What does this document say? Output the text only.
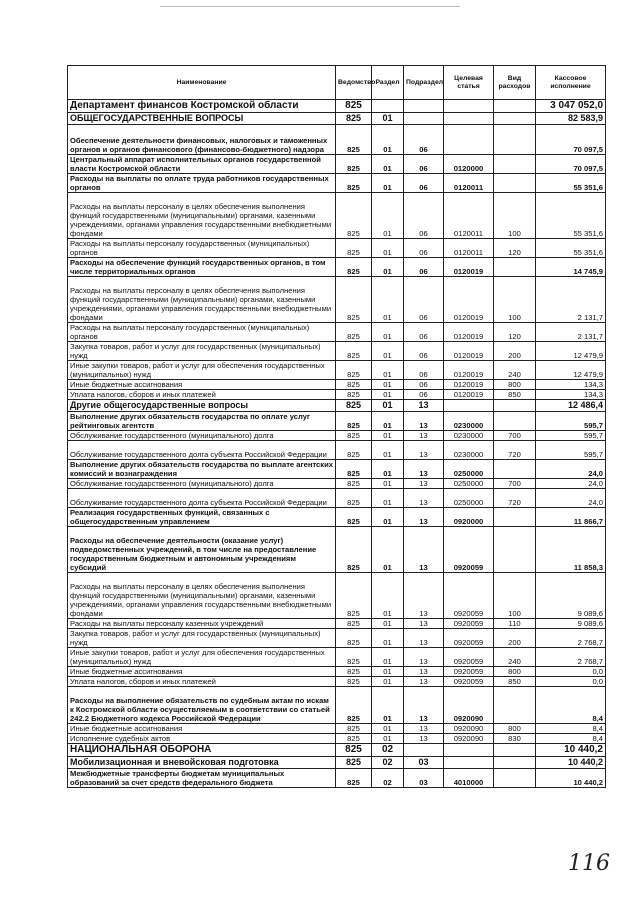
Наименование	Ведомство	Раздел	Подраздел	Целевая статья	Вид расходов	Кассовое исполнение
Департамент финансов Костромской области	825					3 047 052,0
ОБЩЕГОСУДАРСТВЕННЫЕ ВОПРОСЫ	825	01				82 583,9
Обеспечение деятельности финансовых, налоговых и таможенных органов и органов финансового (финансово-бюджетного) надзора	825	01	06			70 097,5
Центральный аппарат исполнительных органов государственной власти Костромской области	825	01	06	0120000		70 097,5
Расходы на выплаты по оплате труда работников государственных органов	825	01	06	0120011		55 351,6
Расходы на выплаты персоналу в целях обеспечения выполнения функций государственными (муниципальными) органами, казенными учреждениями, органами управления государственными внебюджетными фондами	825	01	06	0120011	100	55 351,6
Расходы на выплаты персоналу государственных (муниципальных) органов	825	01	06	0120011	120	55 351,6
Расходы на обеспечение функций государственных органов, в том числе территориальных органов	825	01	06	0120019		14 745,9
Расходы на выплаты персоналу в целях обеспечения выполнения функций государственными (муниципальными) органами, казенными учреждениями, органами управления государственными внебюджетными фондами	825	01	06	0120019	100	2 131,7
Расходы на выплаты персоналу государственных (муниципальных) органов	825	01	06	0120019	120	2 131,7
Закупка товаров, работ и услуг для государственных (муниципальных) нужд	825	01	06	0120019	200	12 479,9
Иные закупки товаров, работ и услуг для обеспечения государственных (муниципальных) нужд	825	01	06	0120019	240	12 479,9
Иные бюджетные ассигнования	825	01	06	0120019	800	134,3
Уплата налогов, сборов и иных платежей	825	01	06	0120019	850	134,3
Другие общегосударственные вопросы	825	01	13			12 486,4
Выполнение других обязательств государства по оплате услуг рейтинговых агентств	825	01	13	0230000		595,7
Обслуживание государственного (муниципального) долга	825	01	13	0230000	700	595,7
Обслуживание государственного долга субъекта Российской Федерации	825	01	13	0230000	720	595,7
Выполнение других обязательств государства по выплате агентских комиссий и вознаграждения	825	01	13	0250000		24,0
Обслуживание государственного (муниципального) долга	825	01	13	0250000	700	24,0
Обслуживание государственного долга субъекта Российской Федерации	825	01	13	0250000	720	24,0
Реализация государственных функций, связанных с общегосударственным управлением	825	01	13	0920000		11 866,7
Расходы на обеспечение деятельности (оказание услуг) подведомственных учреждений, в том числе на предоставление государственным бюджетным и автономным учреждениям субсидий	825	01	13	0920059		11 858,3
Расходы на выплаты персоналу в целях обеспечения выполнения функций государственными (муниципальными) органами, казенными учреждениями, органами управления государственными внебюджетными фондами	825	01	13	0920059	100	9 089,6
Расходы на выплаты персоналу казенных учреждений	825	01	13	0920059	110	9 089,6
Закупка товаров, работ и услуг для государственных (муниципальных) нужд	825	01	13	0920059	200	2 768,7
Иные закупки товаров, работ и услуг для обеспечения государственных (муниципальных) нужд	825	01	13	0920059	240	2 768,7
Иные бюджетные ассигнования	825	01	13	0920059	800	0,0
Уплата налогов, сборов и иных платежей	825	01	13	0920059	850	0,0
Расходы на выполнение обязательств по судебным актам по искам к Костромской области осуществляемым в соответствии со статьей 242.2 Бюджетного кодекса Российской Федерации	825	01	13	0920090		8,4
Иные бюджетные ассигнования	825	01	13	0920090	800	8,4
Исполнение судебных актов	825	01	13	0920090	830	8,4
НАЦИОНАЛЬНАЯ ОБОРОНА	825	02				10 440,2
Мобилизационная и вневойсковая подготовка	825	02	03			10 440,2
Межбюджетные трансферты бюджетам муниципальных образований за счет средств федерального бюджета	825	02	03	4010000		10 440,2
116
